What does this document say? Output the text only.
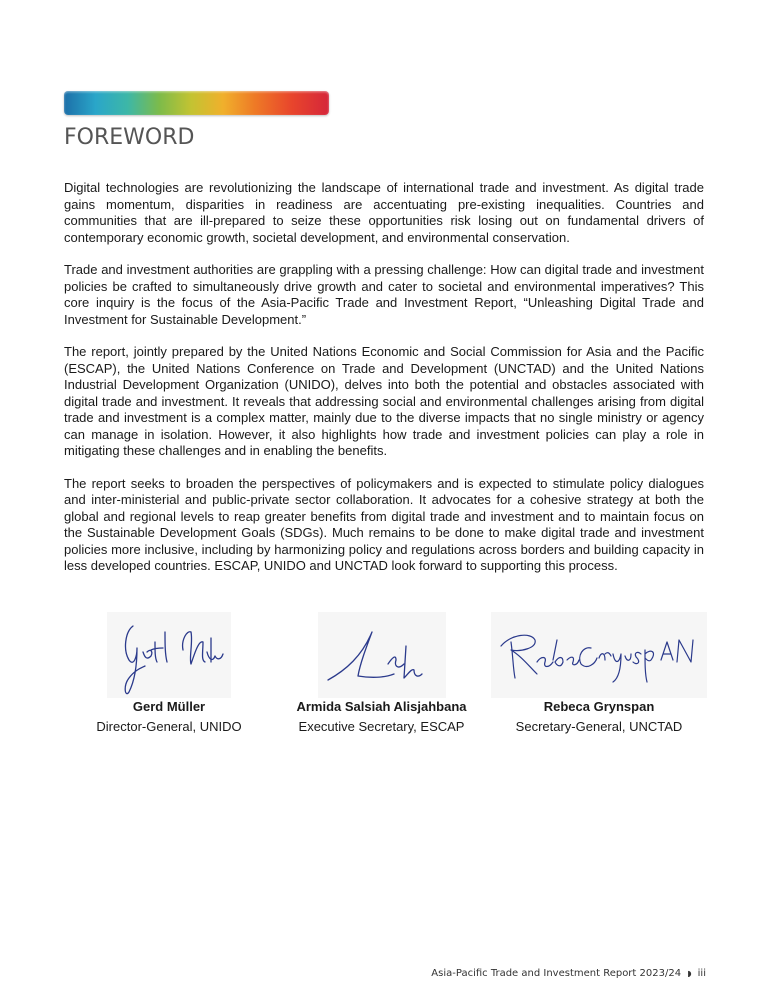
FOREWORD

Digital technologies are revolutionizing the landscape of international trade and investment. As digital trade gains momentum, disparities in readiness are accentuating pre-existing inequalities. Countries and communities that are ill-prepared to seize these opportunities risk losing out on fundamental drivers of contemporary economic growth, societal development, and environmental conservation.

Trade and investment authorities are grappling with a pressing challenge: How can digital trade and investment policies be crafted to simultaneously drive growth and cater to societal and environmental imperatives? This core inquiry is the focus of the Asia-Pacific Trade and Investment Report, “Unleashing Digital Trade and Investment for Sustainable Development.”

The report, jointly prepared by the United Nations Economic and Social Commission for Asia and the Pacific (ESCAP), the United Nations Conference on Trade and Development (UNCTAD) and the United Nations Industrial Development Organization (UNIDO), delves into both the potential and obstacles associated with digital trade and investment. It reveals that addressing social and environmental challenges arising from digital trade and investment is a complex matter, mainly due to the diverse impacts that no single ministry or agency can manage in isolation. However, it also highlights how trade and investment policies can play a role in mitigating these challenges and in enabling the benefits.

The report seeks to broaden the perspectives of policymakers and is expected to stimulate policy dialogues and inter-ministerial and public-private sector collaboration. It advocates for a cohesive strategy at both the global and regional levels to reap greater benefits from digital trade and investment and to maintain focus on the Sustainable Development Goals (SDGs). Much remains to be done to make digital trade and investment policies more inclusive, including by harmonizing policy and regulations across borders and building capacity in less developed countries. ESCAP, UNIDO and UNCTAD look forward to supporting this process.

Gerd Müller
Director-General, UNIDO
Armida Salsiah Alisjahbana
Executive Secretary, ESCAP
Rebeca Grynspan
Secretary-General, UNCTAD
Asia-Pacific Trade and Investment Report 2023/24 ◗ iii
